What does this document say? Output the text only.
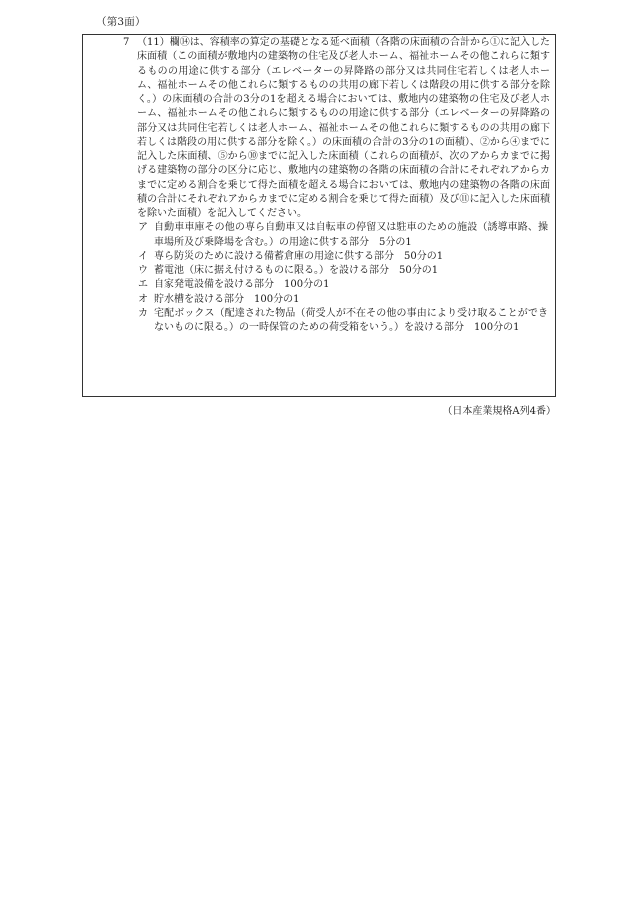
（第3面）

7 （11）欄⑭は、容積率の算定の基礎となる延べ面積（各階の床面積の合計から①に記入した床面積（この面積が敷地内の建築物の住宅及び老人ホーム、福祉ホームその他これらに類するものの用途に供する部分（エレベーターの昇降路の部分又は共同住宅若しくは老人ホーム、福祉ホームその他これらに類するものの共用の廊下若しくは階段の用に供する部分を除く。）の床面積の合計の3分の1を超える場合においては、敷地内の建築物の住宅及び老人ホーム、福祉ホームその他これらに類するものの用途に供する部分（エレベーターの昇降路の部分又は共同住宅若しくは老人ホーム、福祉ホームその他これらに類するものの共用の廊下若しくは階段の用に供する部分を除く。）の床面積の合計の3分の1の面積）、②から④までに記入した床面積、⑤から⑩までに記入した床面積（これらの面積が、次のアからカまでに掲げる建築物の部分の区分に応じ、敷地内の建築物の各階の床面積の合計にそれぞれアからカまでに定める割合を乗じて得た面積を超える場合においては、敷地内の建築物の各階の床面積の合計にそれぞれアからカまでに定める割合を乗じて得た面積）及び⑪に記入した床面積を除いた面積）を記入してください。

ア 自動車車庫その他の専ら自動車又は自転車の停留又は駐車のための施設（誘導車路、操車場所及び乗降場を含む。）の用途に供する部分　5分の1
イ 専ら防災のために設ける備蓄倉庫の用途に供する部分　50分の1
ウ 蓄電池（床に据え付けるものに限る。）を設ける部分　50分の1
エ 自家発電設備を設ける部分　100分の1
オ 貯水槽を設ける部分　100分の1
カ 宅配ボックス（配達された物品（荷受人が不在その他の事由により受け取ることができないものに限る。）の一時保管のための荷受箱をいう。）を設ける部分　100分の1
（日本産業規格A列4番）
